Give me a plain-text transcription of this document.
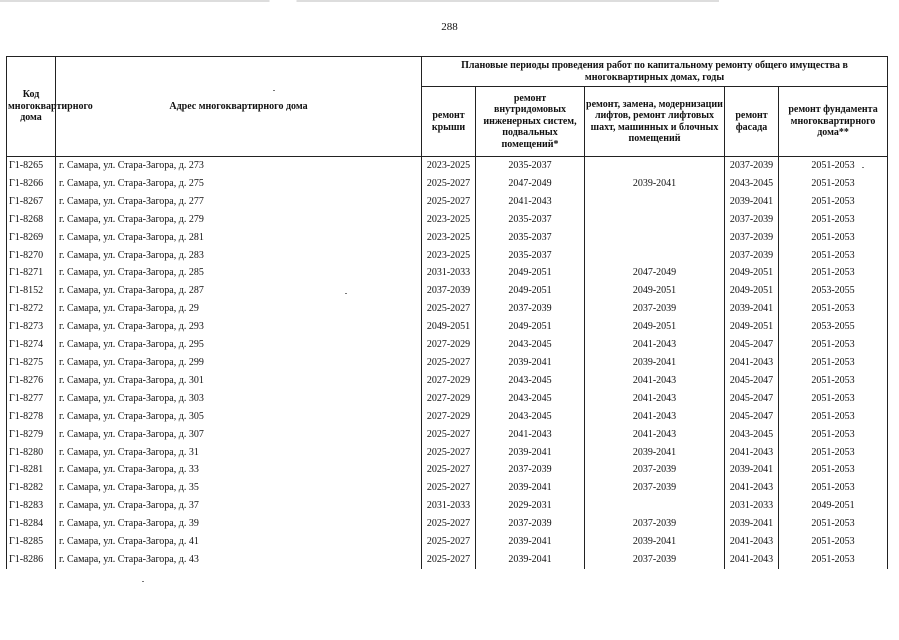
288
Код многоквартирного дома	Адрес многоквартирного дома	Плановые периоды проведения работ по капитальному ремонту общего имущества в многоквартирных домах, годы				
		ремонт крыши	ремонт внутридомовых инженерных систем, подвальных помещений*	ремонт, замена, модернизации лифтов, ремонт лифтовых шахт, машинных и блочных помещений	ремонт фасада	ремонт фундамента многоквартирного дома**
Г1-8265	г. Самара, ул. Стара-Загора, д. 273	2023-2025	2035-2037		2037-2039	2051-2053
Г1-8266	г. Самара, ул. Стара-Загора, д. 275	2025-2027	2047-2049	2039-2041	2043-2045	2051-2053
Г1-8267	г. Самара, ул. Стара-Загора, д. 277	2025-2027	2041-2043		2039-2041	2051-2053
Г1-8268	г. Самара, ул. Стара-Загора, д. 279	2023-2025	2035-2037		2037-2039	2051-2053
Г1-8269	г. Самара, ул. Стара-Загора, д. 281	2023-2025	2035-2037		2037-2039	2051-2053
Г1-8270	г. Самара, ул. Стара-Загора, д. 283	2023-2025	2035-2037		2037-2039	2051-2053
Г1-8271	г. Самара, ул. Стара-Загора, д. 285	2031-2033	2049-2051	2047-2049	2049-2051	2051-2053
Г1-8152	г. Самара, ул. Стара-Загора, д. 287	2037-2039	2049-2051	2049-2051	2049-2051	2053-2055
Г1-8272	г. Самара, ул. Стара-Загора, д. 29	2025-2027	2037-2039	2037-2039	2039-2041	2051-2053
Г1-8273	г. Самара, ул. Стара-Загора, д. 293	2049-2051	2049-2051	2049-2051	2049-2051	2053-2055
Г1-8274	г. Самара, ул. Стара-Загора, д. 295	2027-2029	2043-2045	2041-2043	2045-2047	2051-2053
Г1-8275	г. Самара, ул. Стара-Загора, д. 299	2025-2027	2039-2041	2039-2041	2041-2043	2051-2053
Г1-8276	г. Самара, ул. Стара-Загора, д. 301	2027-2029	2043-2045	2041-2043	2045-2047	2051-2053
Г1-8277	г. Самара, ул. Стара-Загора, д. 303	2027-2029	2043-2045	2041-2043	2045-2047	2051-2053
Г1-8278	г. Самара, ул. Стара-Загора, д. 305	2027-2029	2043-2045	2041-2043	2045-2047	2051-2053
Г1-8279	г. Самара, ул. Стара-Загора, д. 307	2025-2027	2041-2043	2041-2043	2043-2045	2051-2053
Г1-8280	г. Самара, ул. Стара-Загора, д. 31	2025-2027	2039-2041	2039-2041	2041-2043	2051-2053
Г1-8281	г. Самара, ул. Стара-Загора, д. 33	2025-2027	2037-2039	2037-2039	2039-2041	2051-2053
Г1-8282	г. Самара, ул. Стара-Загора, д. 35	2025-2027	2039-2041	2037-2039	2041-2043	2051-2053
Г1-8283	г. Самара, ул. Стара-Загора, д. 37	2031-2033	2029-2031		2031-2033	2049-2051
Г1-8284	г. Самара, ул. Стара-Загора, д. 39	2025-2027	2037-2039	2037-2039	2039-2041	2051-2053
Г1-8285	г. Самара, ул. Стара-Загора, д. 41	2025-2027	2039-2041	2039-2041	2041-2043	2051-2053
Г1-8286	г. Самара, ул. Стара-Загора, д. 43	2025-2027	2039-2041	2037-2039	2041-2043	2051-2053
